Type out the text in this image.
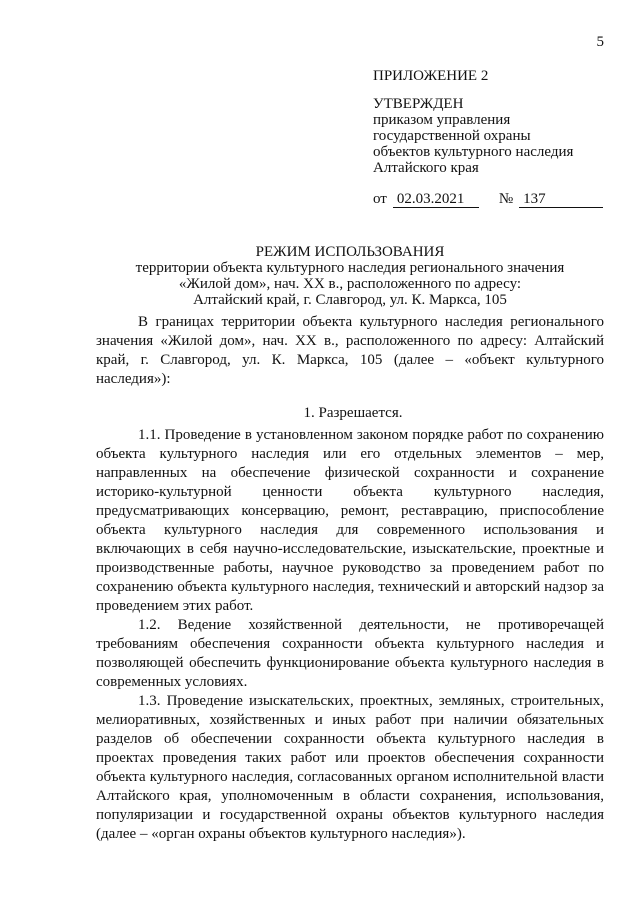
5
ПРИЛОЖЕНИЕ 2
УТВЕРЖДЕН
приказом управления
государственной охраны
объектов культурного наследия
Алтайского края
от 02.03.2021	№ 137
РЕЖИМ ИСПОЛЬЗОВАНИЯ
территории объекта культурного наследия регионального значения
«Жилой дом», нач. XX в., расположенного по адресу:
Алтайский край, г. Славгород, ул. К. Маркса, 105

В границах территории объекта культурного наследия регионального значения «Жилой дом», нач. XX в., расположенного по адресу: Алтайский край, г. Славгород, ул. К. Маркса, 105 (далее – «объект культурного наследия»):

1. Разрешается.

1.1. Проведение в установленном законом порядке работ по сохранению объекта культурного наследия или его отдельных элементов – мер, направленных на обеспечение физической сохранности и сохранение историко-культурной ценности объекта культурного наследия, предусматривающих консервацию, ремонт, реставрацию, приспособление объекта культурного наследия для современного использования и включающих в себя научно-исследовательские, изыскательские, проектные и производственные работы, научное руководство за проведением работ по сохранению объекта культурного наследия, технический и авторский надзор за проведением этих работ.

1.2. Ведение хозяйственной деятельности, не противоречащей требованиям обеспечения сохранности объекта культурного наследия и позволяющей обеспечить функционирование объекта культурного наследия в современных условиях.

1.3. Проведение изыскательских, проектных, земляных, строительных, мелиоративных, хозяйственных и иных работ при наличии обязательных разделов об обеспечении сохранности объекта культурного наследия в проектах проведения таких работ или проектов обеспечения сохранности объекта культурного наследия, согласованных органом исполнительной власти Алтайского края, уполномоченным в области сохранения, использования, популяризации и государственной охраны объектов культурного наследия (далее – «орган охраны объектов культурного наследия»).
